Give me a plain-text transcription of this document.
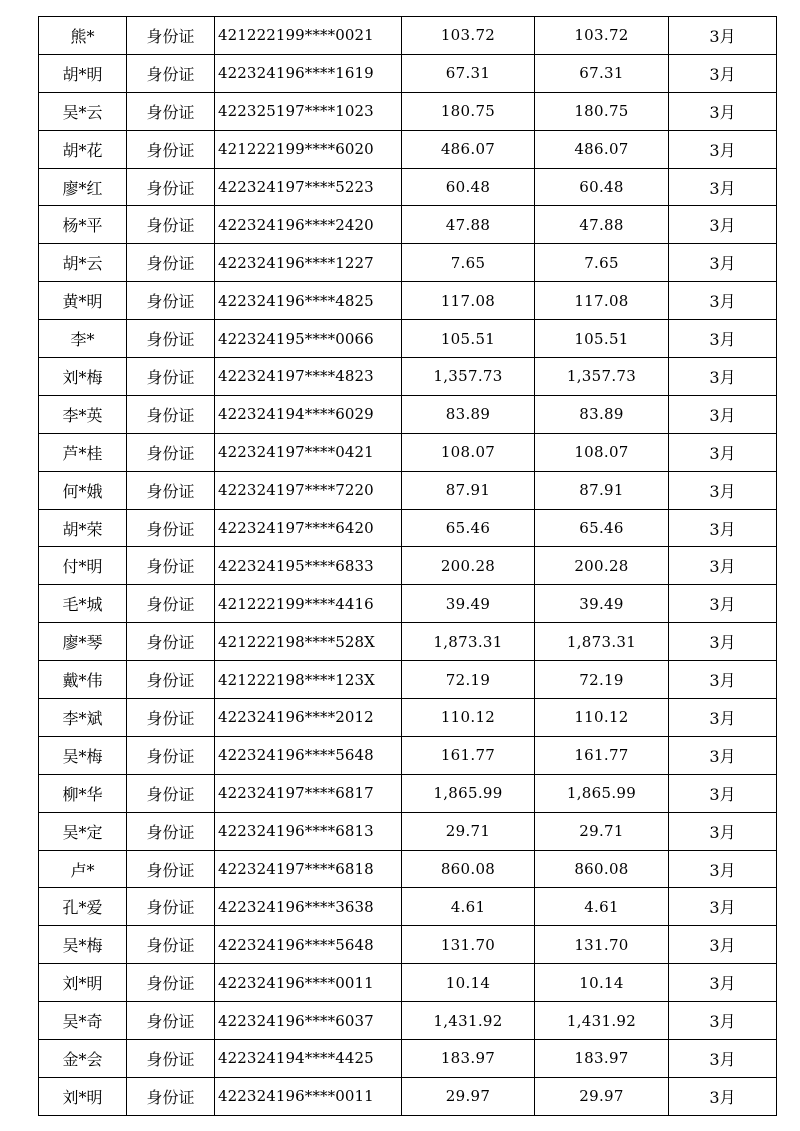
熊*	身份证	421222199****0021	103.72	103.72	3月
胡*明	身份证	422324196****1619	67.31	67.31	3月
吴*云	身份证	422325197****1023	180.75	180.75	3月
胡*花	身份证	421222199****6020	486.07	486.07	3月
廖*红	身份证	422324197****5223	60.48	60.48	3月
杨*平	身份证	422324196****2420	47.88	47.88	3月
胡*云	身份证	422324196****1227	7.65	7.65	3月
黄*明	身份证	422324196****4825	117.08	117.08	3月
李*	身份证	422324195****0066	105.51	105.51	3月
刘*梅	身份证	422324197****4823	1,357.73	1,357.73	3月
李*英	身份证	422324194****6029	83.89	83.89	3月
芦*桂	身份证	422324197****0421	108.07	108.07	3月
何*娥	身份证	422324197****7220	87.91	87.91	3月
胡*荣	身份证	422324197****6420	65.46	65.46	3月
付*明	身份证	422324195****6833	200.28	200.28	3月
毛*城	身份证	421222199****4416	39.49	39.49	3月
廖*琴	身份证	421222198****528X	1,873.31	1,873.31	3月
戴*伟	身份证	421222198****123X	72.19	72.19	3月
李*斌	身份证	422324196****2012	110.12	110.12	3月
吴*梅	身份证	422324196****5648	161.77	161.77	3月
柳*华	身份证	422324197****6817	1,865.99	1,865.99	3月
吴*定	身份证	422324196****6813	29.71	29.71	3月
卢*	身份证	422324197****6818	860.08	860.08	3月
孔*爱	身份证	422324196****3638	4.61	4.61	3月
吴*梅	身份证	422324196****5648	131.70	131.70	3月
刘*明	身份证	422324196****0011	10.14	10.14	3月
吴*奇	身份证	422324196****6037	1,431.92	1,431.92	3月
金*会	身份证	422324194****4425	183.97	183.97	3月
刘*明	身份证	422324196****0011	29.97	29.97	3月
